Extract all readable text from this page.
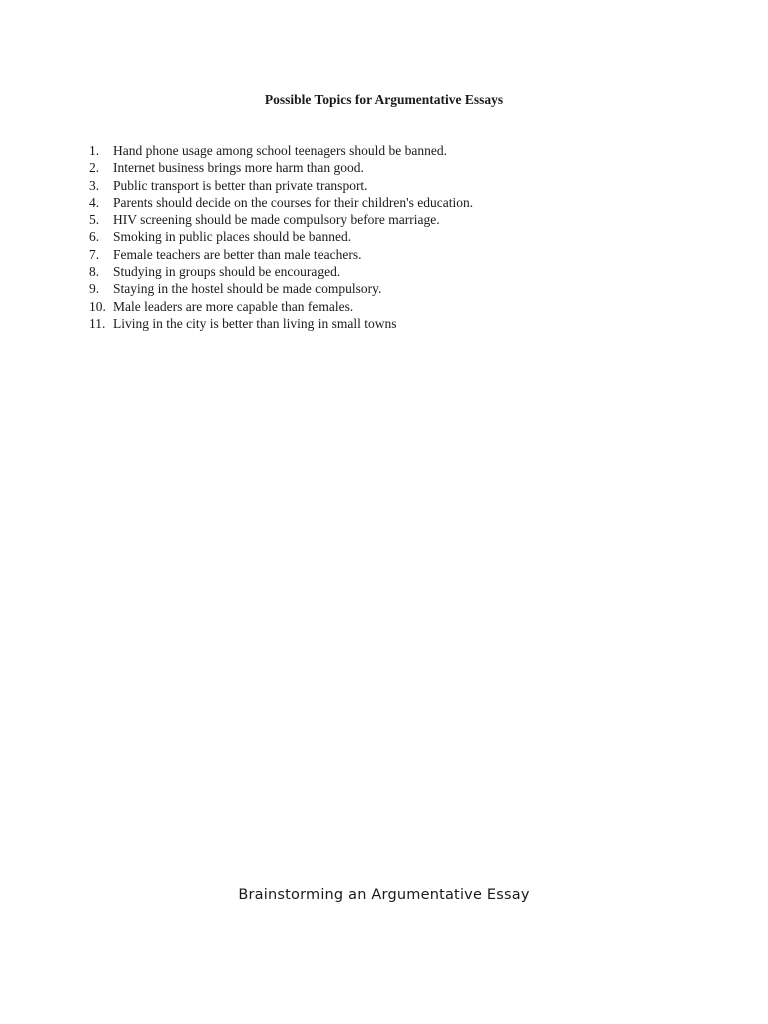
Possible Topics for Argumentative Essays
1. Hand phone usage among school teenagers should be banned.
2. Internet business brings more harm than good.
3. Public transport is better than private transport.
4. Parents should decide on the courses for their children's education.
5. HIV screening should be made compulsory before marriage.
6. Smoking in public places should be banned.
7. Female teachers are better than male teachers.
8. Studying in groups should be encouraged.
9. Staying in the hostel should be made compulsory.
10. Male leaders are more capable than females.
11. Living in the city is better than living in small towns
Brainstorming an Argumentative Essay
